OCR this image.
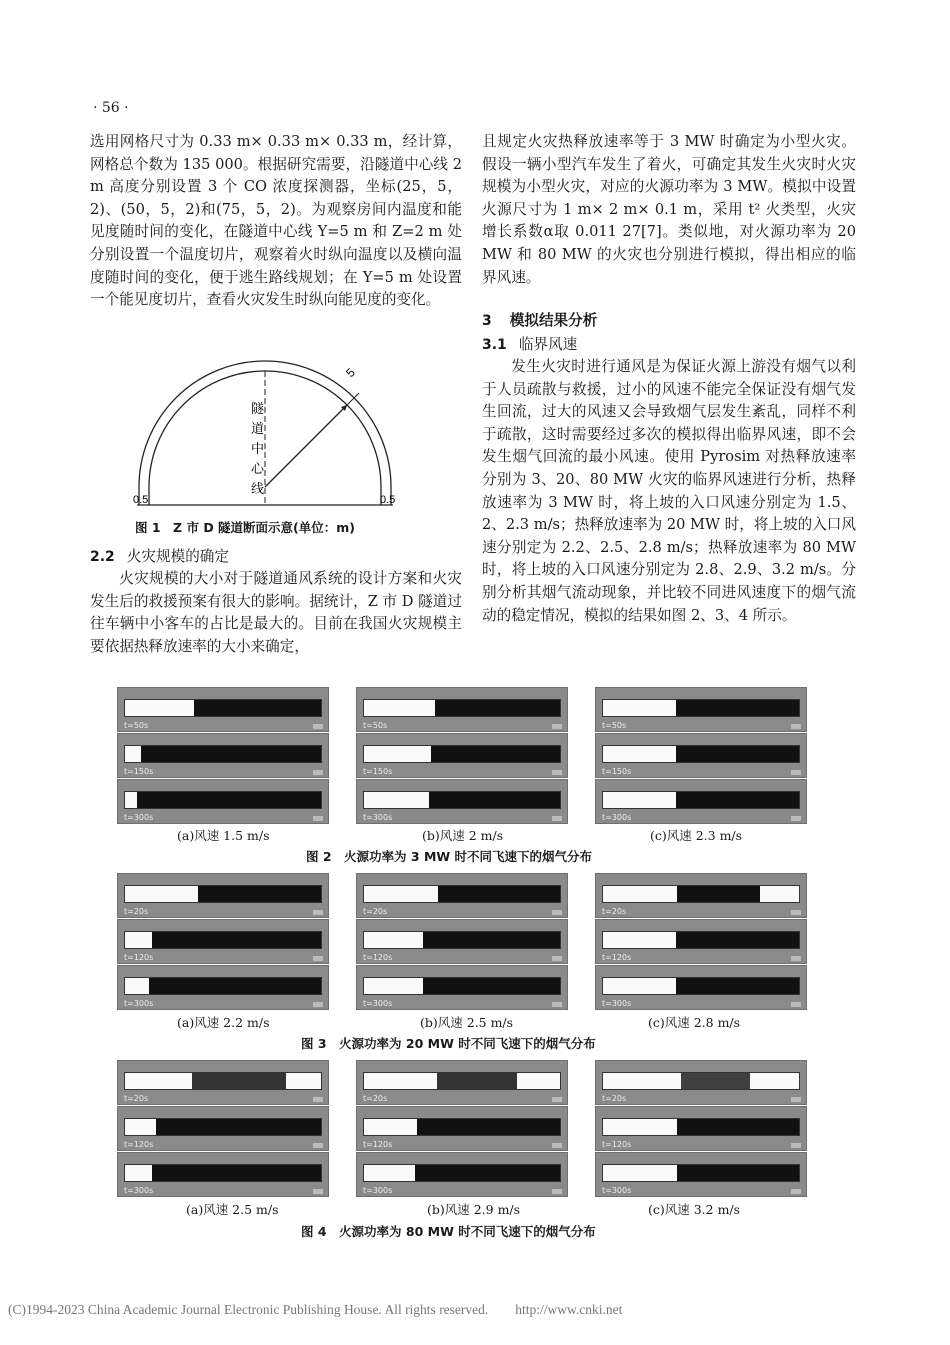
· 56 ·

选用网格尺寸为 0.33 m× 0.33 m× 0.33 m，经计算，网格总个数为 135 000。根据研究需要，沿隧道中心线 2 m 高度分别设置 3 个 CO 浓度探测器，坐标(25，5，2)、(50，5，2)和(75，5，2)。为观察房间内温度和能见度随时间的变化，在隧道中心线 Y=5 m 和 Z=2 m 处分别设置一个温度切片，观察着火时纵向温度以及横向温度随时间的变化，便于逃生路线规划；在 Y=5 m 处设置一个能见度切片，查看火灾发生时纵向能见度的变化。

5
隧
道
中
心
线
0.5	0.5
图 1　Z 市 D 隧道断面示意(单位：m)
2.2 火灾规模的确定
火灾规模的大小对于隧道通风系统的设计方案和火灾发生后的救援预案有很大的影响。据统计，Z 市 D 隧道过往车辆中小客车的占比是最大的。目前在我国火灾规模主要依据热释放速率的大小来确定，

且规定火灾热释放速率等于 3 MW 时确定为小型火灾。假设一辆小型汽车发生了着火，可确定其发生火灾时火灾规模为小型火灾，对应的火源功率为 3 MW。模拟中设置火源尺寸为 1 m× 2 m× 0.1 m，采用 t² 火类型，火灾增长系数α取 0.011 27[7]。类似地，对火源功率为 20 MW 和 80 MW 的火灾也分别进行模拟，得出相应的临界风速。

3 模拟结果分析
3.1 临界风速
发生火灾时进行通风是为保证火源上游没有烟气以利于人员疏散与救援，过小的风速不能完全保证没有烟气发生回流，过大的风速又会导致烟气层发生紊乱，同样不利于疏散，这时需要经过多次的模拟得出临界风速，即不会发生烟气回流的最小风速。使用 Pyrosim 对热释放速率分别为 3、20、80 MW 火灾的临界风速进行分析，热释放速率为 3 MW 时，将上坡的入口风速分别定为 1.5、2、2.3 m/s；热释放速率为 20 MW 时，将上坡的入口风速分别定为 2.2、2.5、2.8 m/s；热释放速率为 80 MW 时，将上坡的入口风速分别定为 2.8、2.9、3.2 m/s。分别分析其烟气流动现象，并比较不同进风速度下的烟气流动的稳定情况，模拟的结果如图 2、3、4 所示。
t=50s
t=150s
t=300s
t=50s
t=150s
t=300s
t=50s
t=150s
t=300s
(a)风速 1.5 m/s	(b)风速 2 m/s	(c)风速 2.3 m/s
图 2　火源功率为 3 MW 时不同飞速下的烟气分布
t=20s
t=120s
t=300s
t=20s
t=120s
t=300s
t=20s
t=120s
t=300s
(a)风速 2.2 m/s	(b)风速 2.5 m/s	(c)风速 2.8 m/s
图 3　火源功率为 20 MW 时不同飞速下的烟气分布
t=20s
t=120s
t=300s
t=20s
t=120s
t=300s
t=20s
t=120s
t=300s
(a)风速 2.5 m/s	(b)风速 2.9 m/s	(c)风速 3.2 m/s
图 4　火源功率为 80 MW 时不同飞速下的烟气分布
(C)1994-2023 China Academic Journal Electronic Publishing House. All rights reserved.　　http://www.cnki.net
